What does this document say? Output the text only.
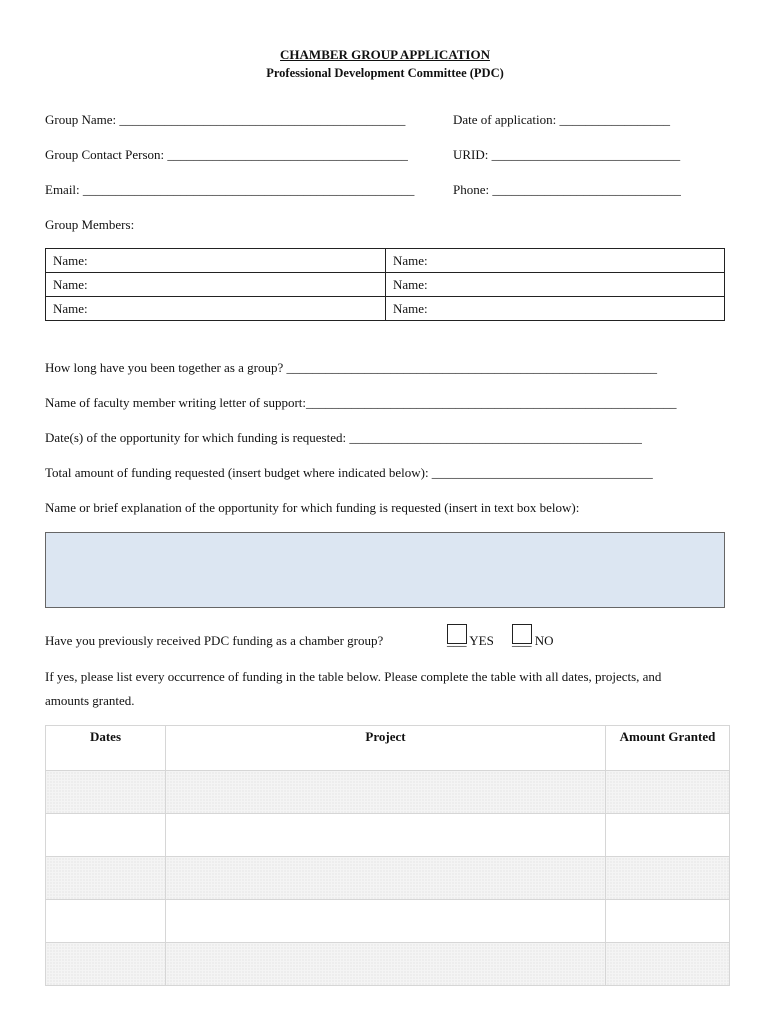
CHAMBER GROUP APPLICATION
Professional Development Committee (PDC)
Group Name: ____________________________________________	Date of application: _________________
Group Contact Person: _____________________________________	URID: _____________________________
Email: ___________________________________________________	Phone: _____________________________
Group Members:
Name:	Name:
Name:	Name:
Name:	Name:
How long have you been together as a group? _________________________________________________________
Name of faculty member writing letter of support:_________________________________________________________
Date(s) of the opportunity for which funding is requested: _____________________________________________
Total amount of funding requested (insert budget where indicated below): __________________________________
Name or brief explanation of the opportunity for which funding is requested (insert in text box below):
Have you previously received PDC funding as a chamber group?	___ YES ___ NO
If yes, please list every occurrence of funding in the table below. Please complete the table with all dates, projects, and
amounts granted.
Dates	Project	Amount Granted
